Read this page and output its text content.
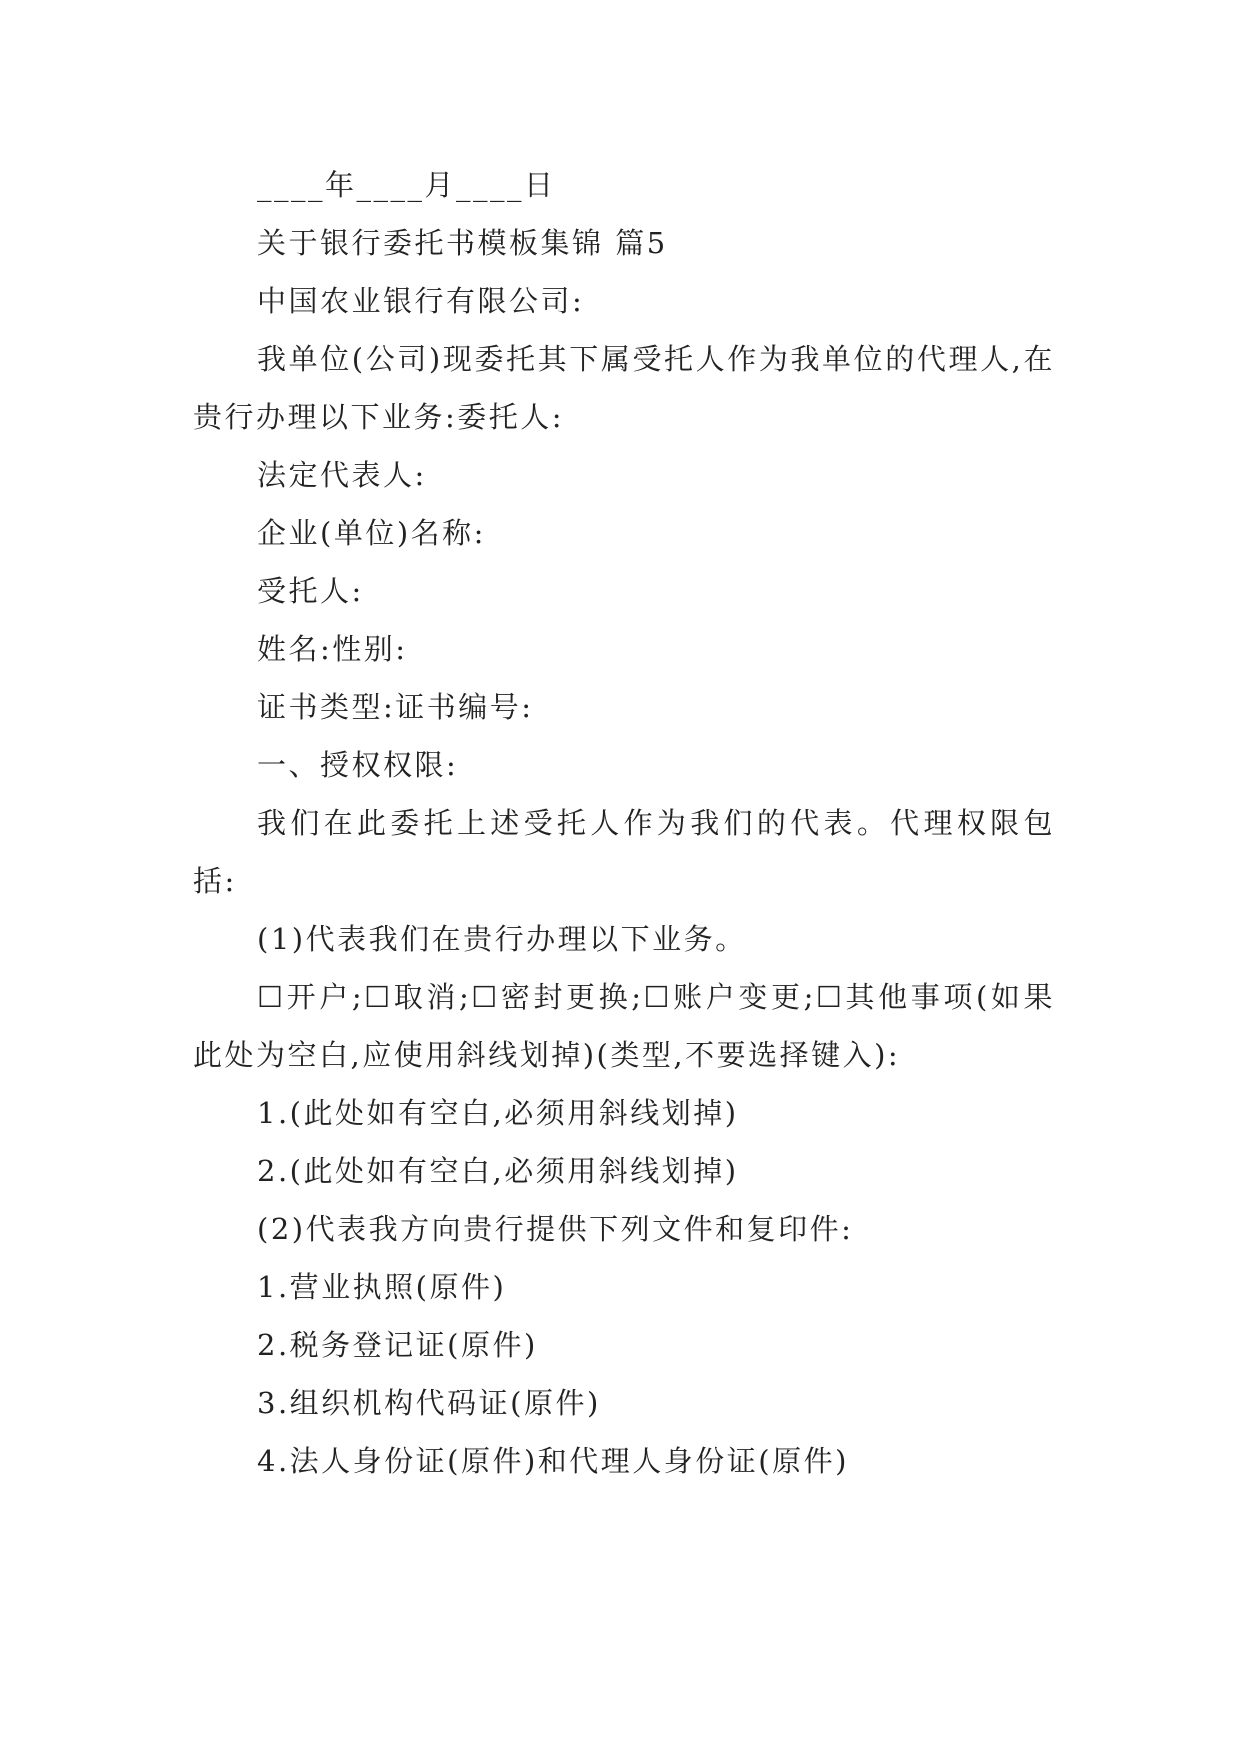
____年____月____日

关于银行委托书模板集锦 篇5

中国农业银行有限公司:

我单位(公司)现委托其下属受托人作为我单位的代理人,在贵行办理以下业务:委托人:

法定代表人:

企业(单位)名称:

受托人:

姓名:性别:

证书类型:证书编号:

一、授权权限:

我们在此委托上述受托人作为我们的代表。代理权限包括:

(1)代表我们在贵行办理以下业务。

☐开户;☐取消;☐密封更换;☐账户变更;☐其他事项(如果此处为空白,应使用斜线划掉)(类型,不要选择键入):

1.(此处如有空白,必须用斜线划掉)

2.(此处如有空白,必须用斜线划掉)

(2)代表我方向贵行提供下列文件和复印件:

1.营业执照(原件)

2.税务登记证(原件)

3.组织机构代码证(原件)

4.法人身份证(原件)和代理人身份证(原件)
